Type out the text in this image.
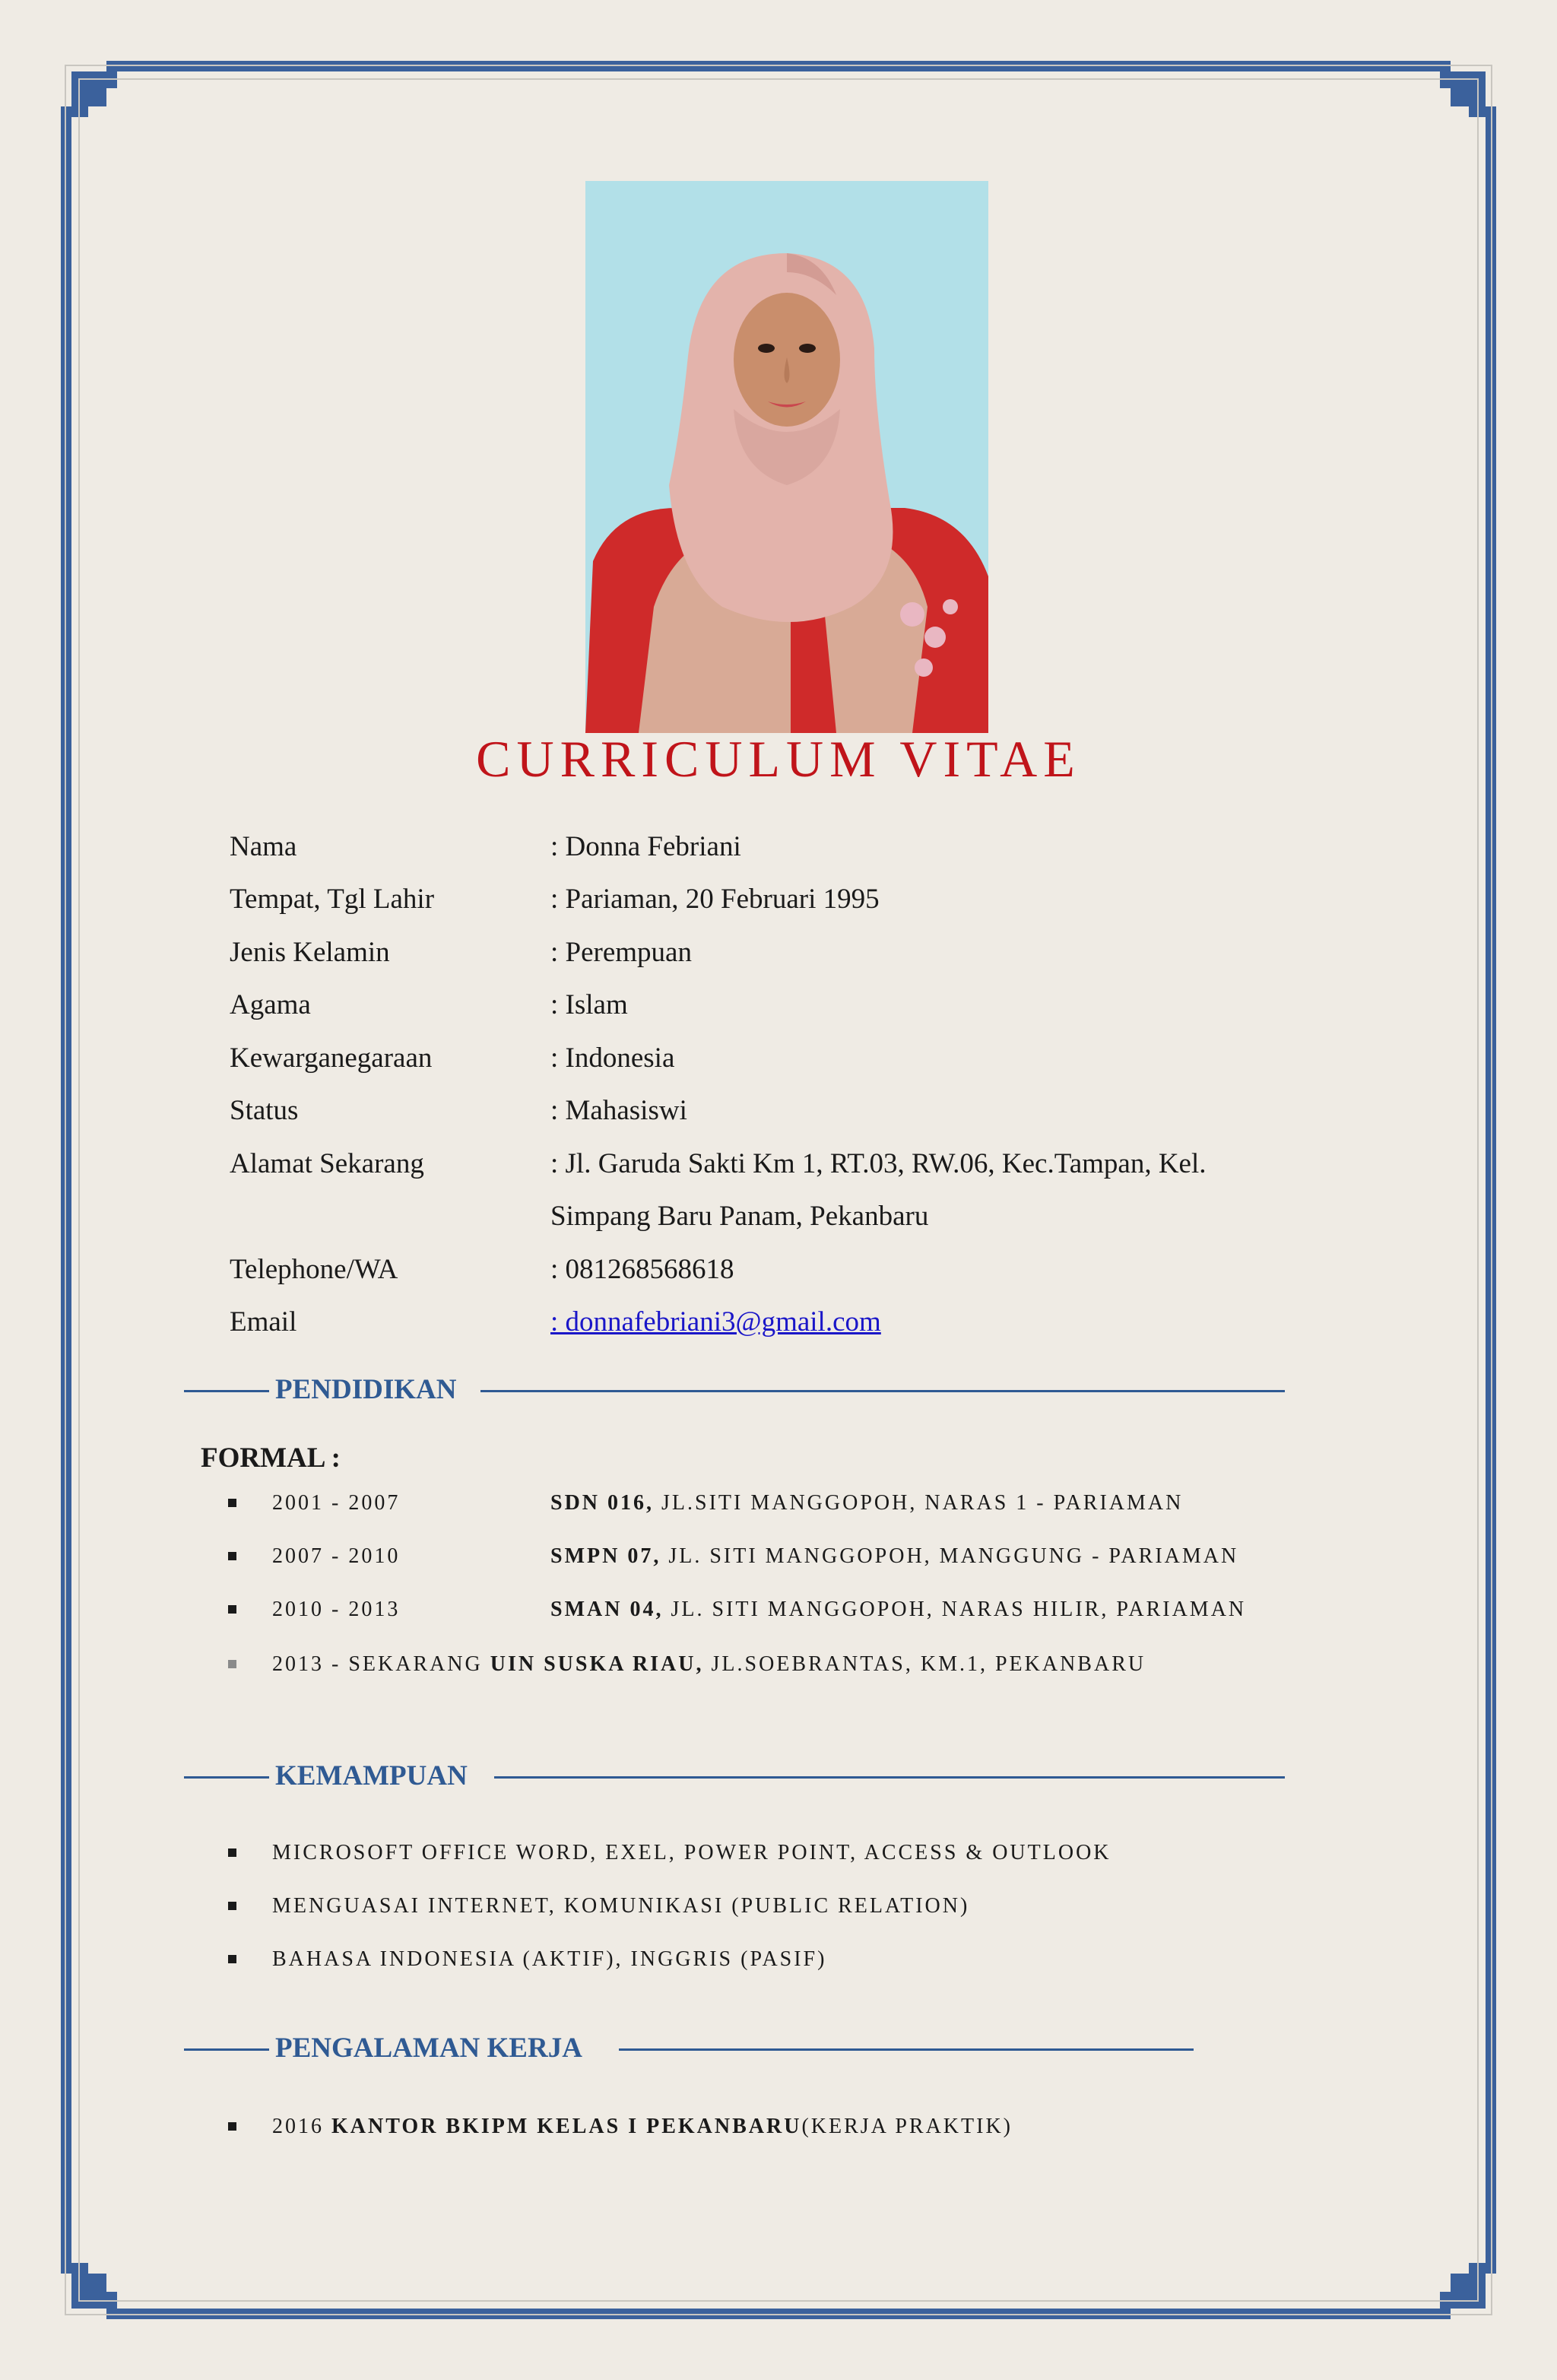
CURRICULUM VITAE
Nama	: Donna Febriani
Tempat, Tgl Lahir	: Pariaman, 20 Februari 1995
Jenis Kelamin	: Perempuan
Agama	: Islam
Kewarganegaraan	: Indonesia
Status	: Mahasiswi
Alamat Sekarang	: Jl. Garuda Sakti Km 1, RT.03, RW.06, Kec.Tampan, Kel.
Simpang Baru Panam, Pekanbaru
Telephone/WA	: 081268568618
Email	: donnafebriani3@gmail.com
PENDIDIKAN
FORMAL :
2001 - 2007	SDN 016, JL.SITI MANGGOPOH, NARAS 1 - PARIAMAN
2007 - 2010	SMPN 07, JL. SITI MANGGOPOH, MANGGUNG - PARIAMAN
2010 - 2013	SMAN 04, JL. SITI MANGGOPOH, NARAS HILIR, PARIAMAN
2013 - SEKARANG UIN SUSKA RIAU, JL.SOEBRANTAS, KM.1, PEKANBARU
KEMAMPUAN
MICROSOFT OFFICE WORD, EXEL, POWER POINT, ACCESS & OUTLOOK
MENGUASAI INTERNET, KOMUNIKASI (PUBLIC RELATION)
BAHASA INDONESIA (AKTIF), INGGRIS (PASIF)
PENGALAMAN KERJA
2016 KANTOR BKIPM KELAS I PEKANBARU(KERJA PRAKTIK)
